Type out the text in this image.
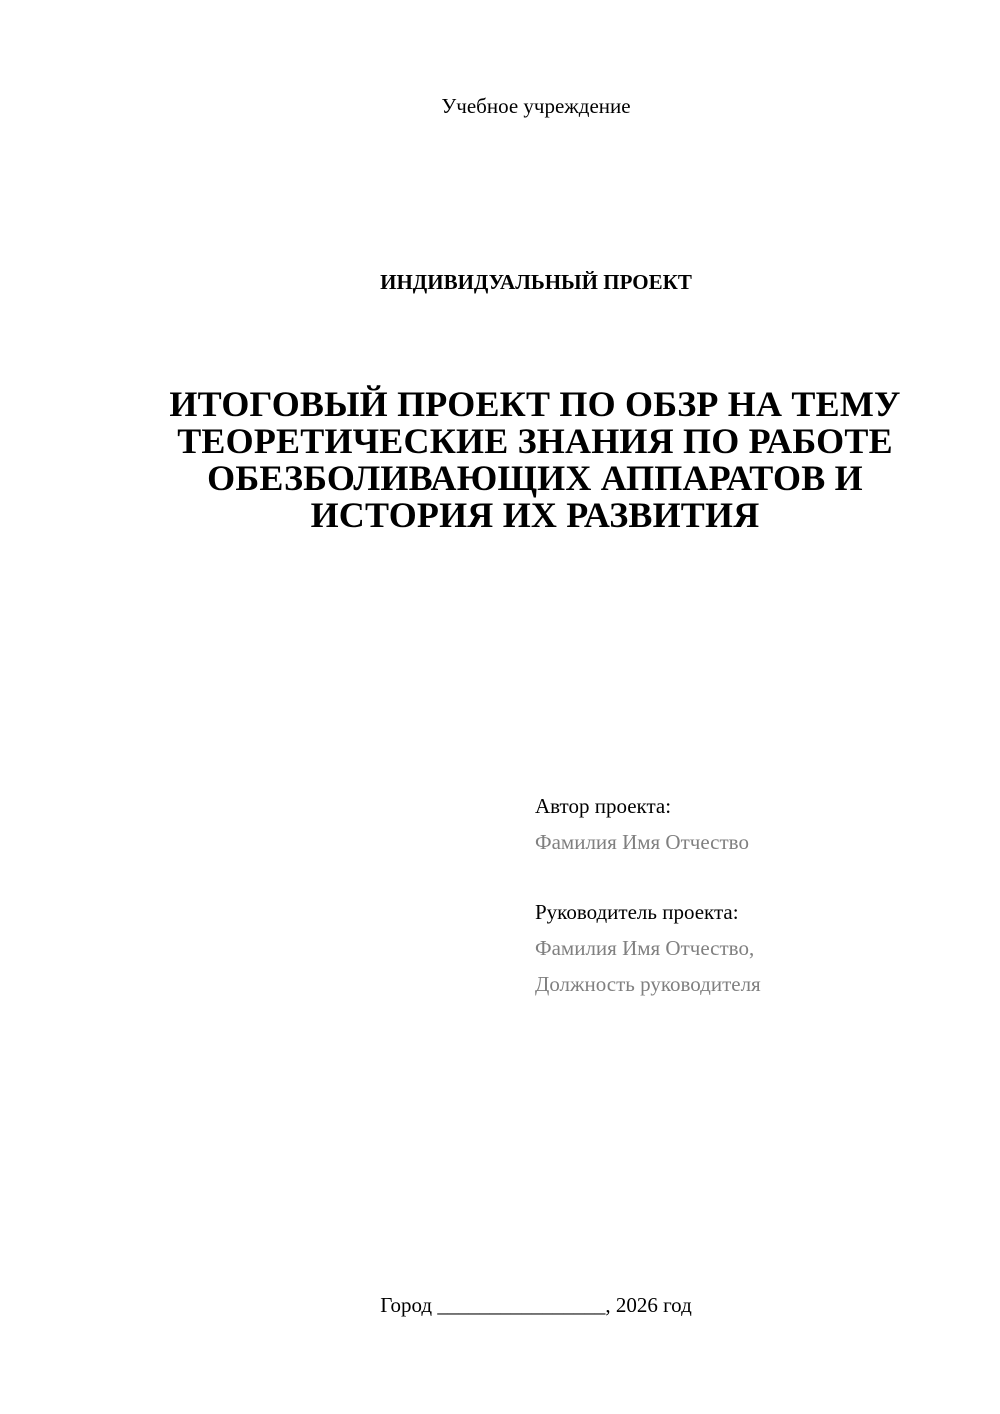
Учебное учреждение
ИНДИВИДУАЛЬНЫЙ ПРОЕКТ
ИТОГОВЫЙ ПРОЕКТ ПО ОБЗР НА ТЕМУ ТЕОРЕТИЧЕСКИЕ ЗНАНИЯ ПО РАБОТЕ ОБЕЗБОЛИВАЮЩИХ АППАРАТОВ И ИСТОРИЯ ИХ РАЗВИТИЯ
Автор проекта:
Фамилия Имя Отчество
Руководитель проекта:
Фамилия Имя Отчество,
Должность руководителя
Город ________________, 2026 год
